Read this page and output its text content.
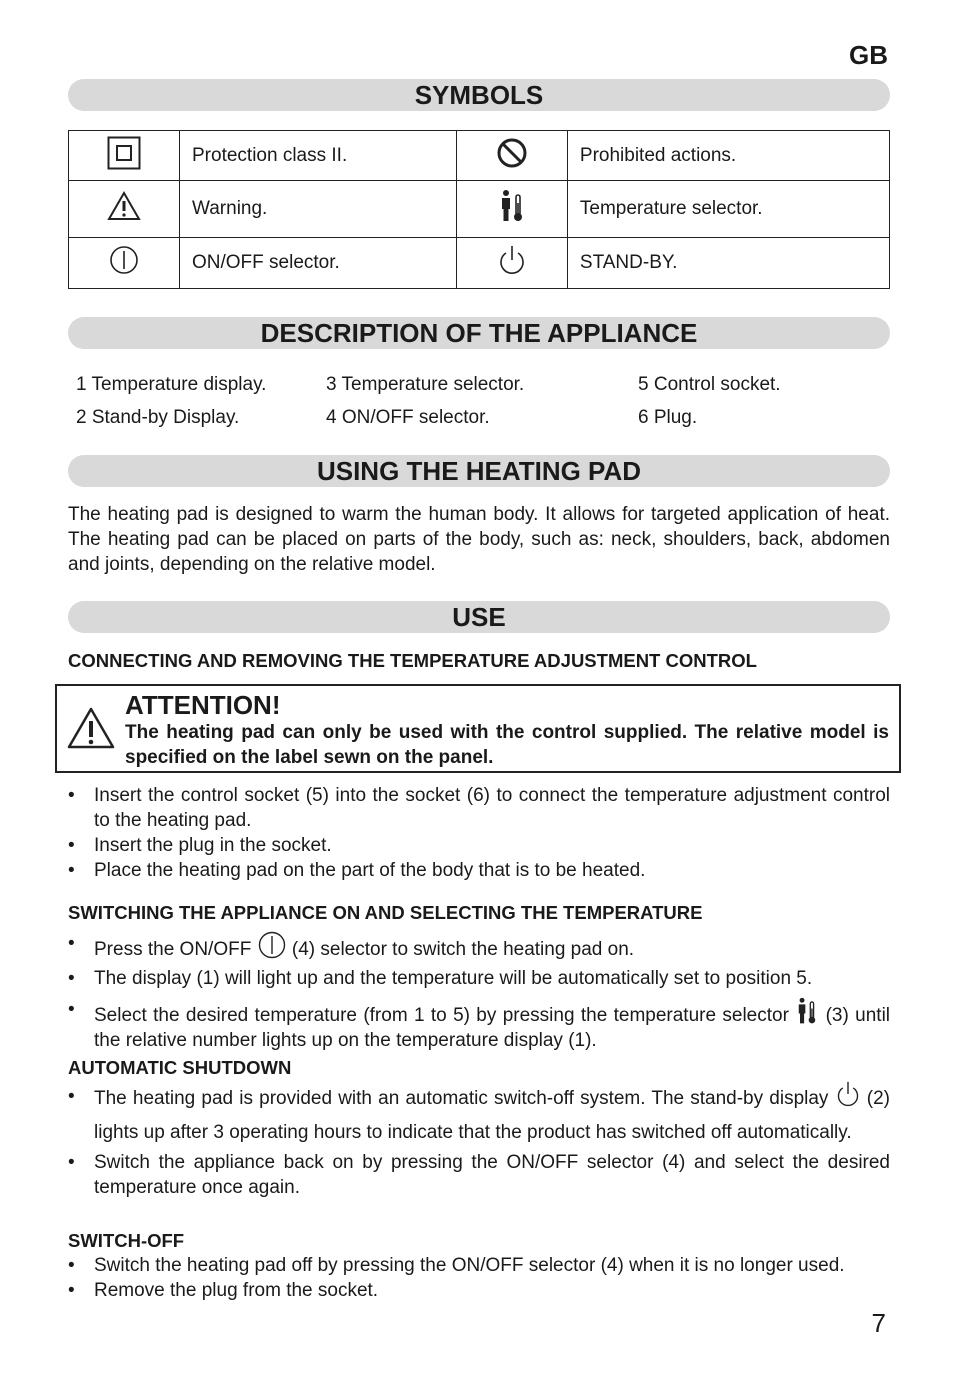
GB
SYMBOLS
	Protection class II.		Prohibited actions.
	Warning.		Temperature selector.
	ON/OFF selector.		STAND-BY.
DESCRIPTION OF THE APPLIANCE
1 Temperature display.
2 Stand-by Display.
3 Temperature selector.
4 ON/OFF selector.
5 Control socket.
6 Plug.
USING THE HEATING PAD
The heating pad is designed to warm the human body. It allows for targeted application of heat. The heating pad can be placed on parts of the body, such as: neck, shoulders, back, abdomen and joints, depending on the relative model.
USE
CONNECTING AND REMOVING THE TEMPERATURE ADJUSTMENT CONTROL
ATTENTION!
The heating pad can only be used with the control supplied. The relative model is specified on the label sewn on the panel.
• Insert the control socket (5) into the socket (6) to connect the temperature adjustment control to the heating pad.
• Insert the plug in the socket.
• Place the heating pad on the part of the body that is to be heated.
SWITCHING THE APPLIANCE ON AND SELECTING THE TEMPERATURE
• Press the ON/OFF (4) selector to switch the heating pad on.
• The display (1) will light up and the temperature will be automatically set to position 5.
• Select the desired temperature (from 1 to 5) by pressing the temperature selector (3) until the relative number lights up on the temperature display (1).
AUTOMATIC SHUTDOWN
• The heating pad is provided with an automatic switch-off system. The stand-by display (2) lights up after 3 operating hours to indicate that the product has switched off automatically.
• Switch the appliance back on by pressing the ON/OFF selector (4) and select the desired temperature once again.
SWITCH-OFF
• Switch the heating pad off by pressing the ON/OFF selector (4) when it is no longer used.
• Remove the plug from the socket.
7
